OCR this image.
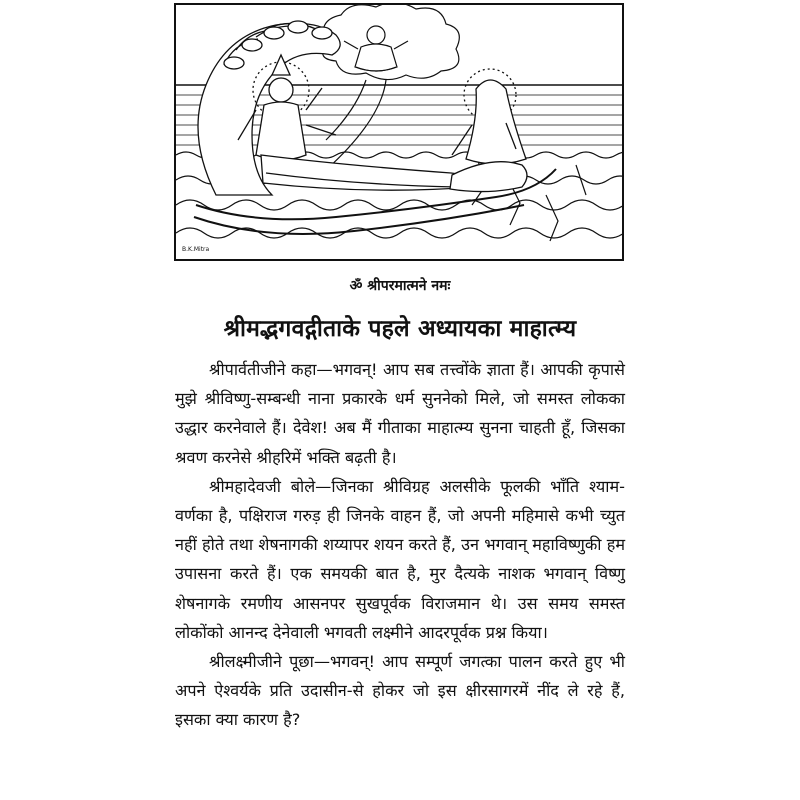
B.K.Mitra
ॐ श्रीपरमात्मने नमः
श्रीमद्भगवद्गीताके पहले अध्यायका माहात्म्य

श्रीपार्वतीजीने कहा—भगवन्! आप सब तत्त्वोंके ज्ञाता हैं। आपकी कृपासे मुझे श्रीविष्णु-सम्बन्धी नाना प्रकारके धर्म सुननेको मिले, जो समस्त लोकका उद्धार करनेवाले हैं। देवेश! अब मैं गीताका माहात्म्य सुनना चाहती हूँ, जिसका श्रवण करनेसे श्रीहरिमें भक्ति बढ़ती है।

श्रीमहादेवजी बोले—जिनका श्रीविग्रह अलसीके फूलकी भाँति श्याम-वर्णका है, पक्षिराज गरुड़ ही जिनके वाहन हैं, जो अपनी महिमासे कभी च्युत नहीं होते तथा शेषनागकी शय्यापर शयन करते हैं, उन भगवान् महाविष्णुकी हम उपासना करते हैं। एक समयकी बात है, मुर दैत्यके नाशक भगवान् विष्णु शेषनागके रमणीय आसनपर सुखपूर्वक विराजमान थे। उस समय समस्त लोकोंको आनन्द देनेवाली भगवती लक्ष्मीने आदरपूर्वक प्रश्न किया।

श्रीलक्ष्मीजीने पूछा—भगवन्! आप सम्पूर्ण जगत्का पालन करते हुए भी अपने ऐश्वर्यके प्रति उदासीन-से होकर जो इस क्षीरसागरमें नींद ले रहे हैं, इसका क्या कारण है?
